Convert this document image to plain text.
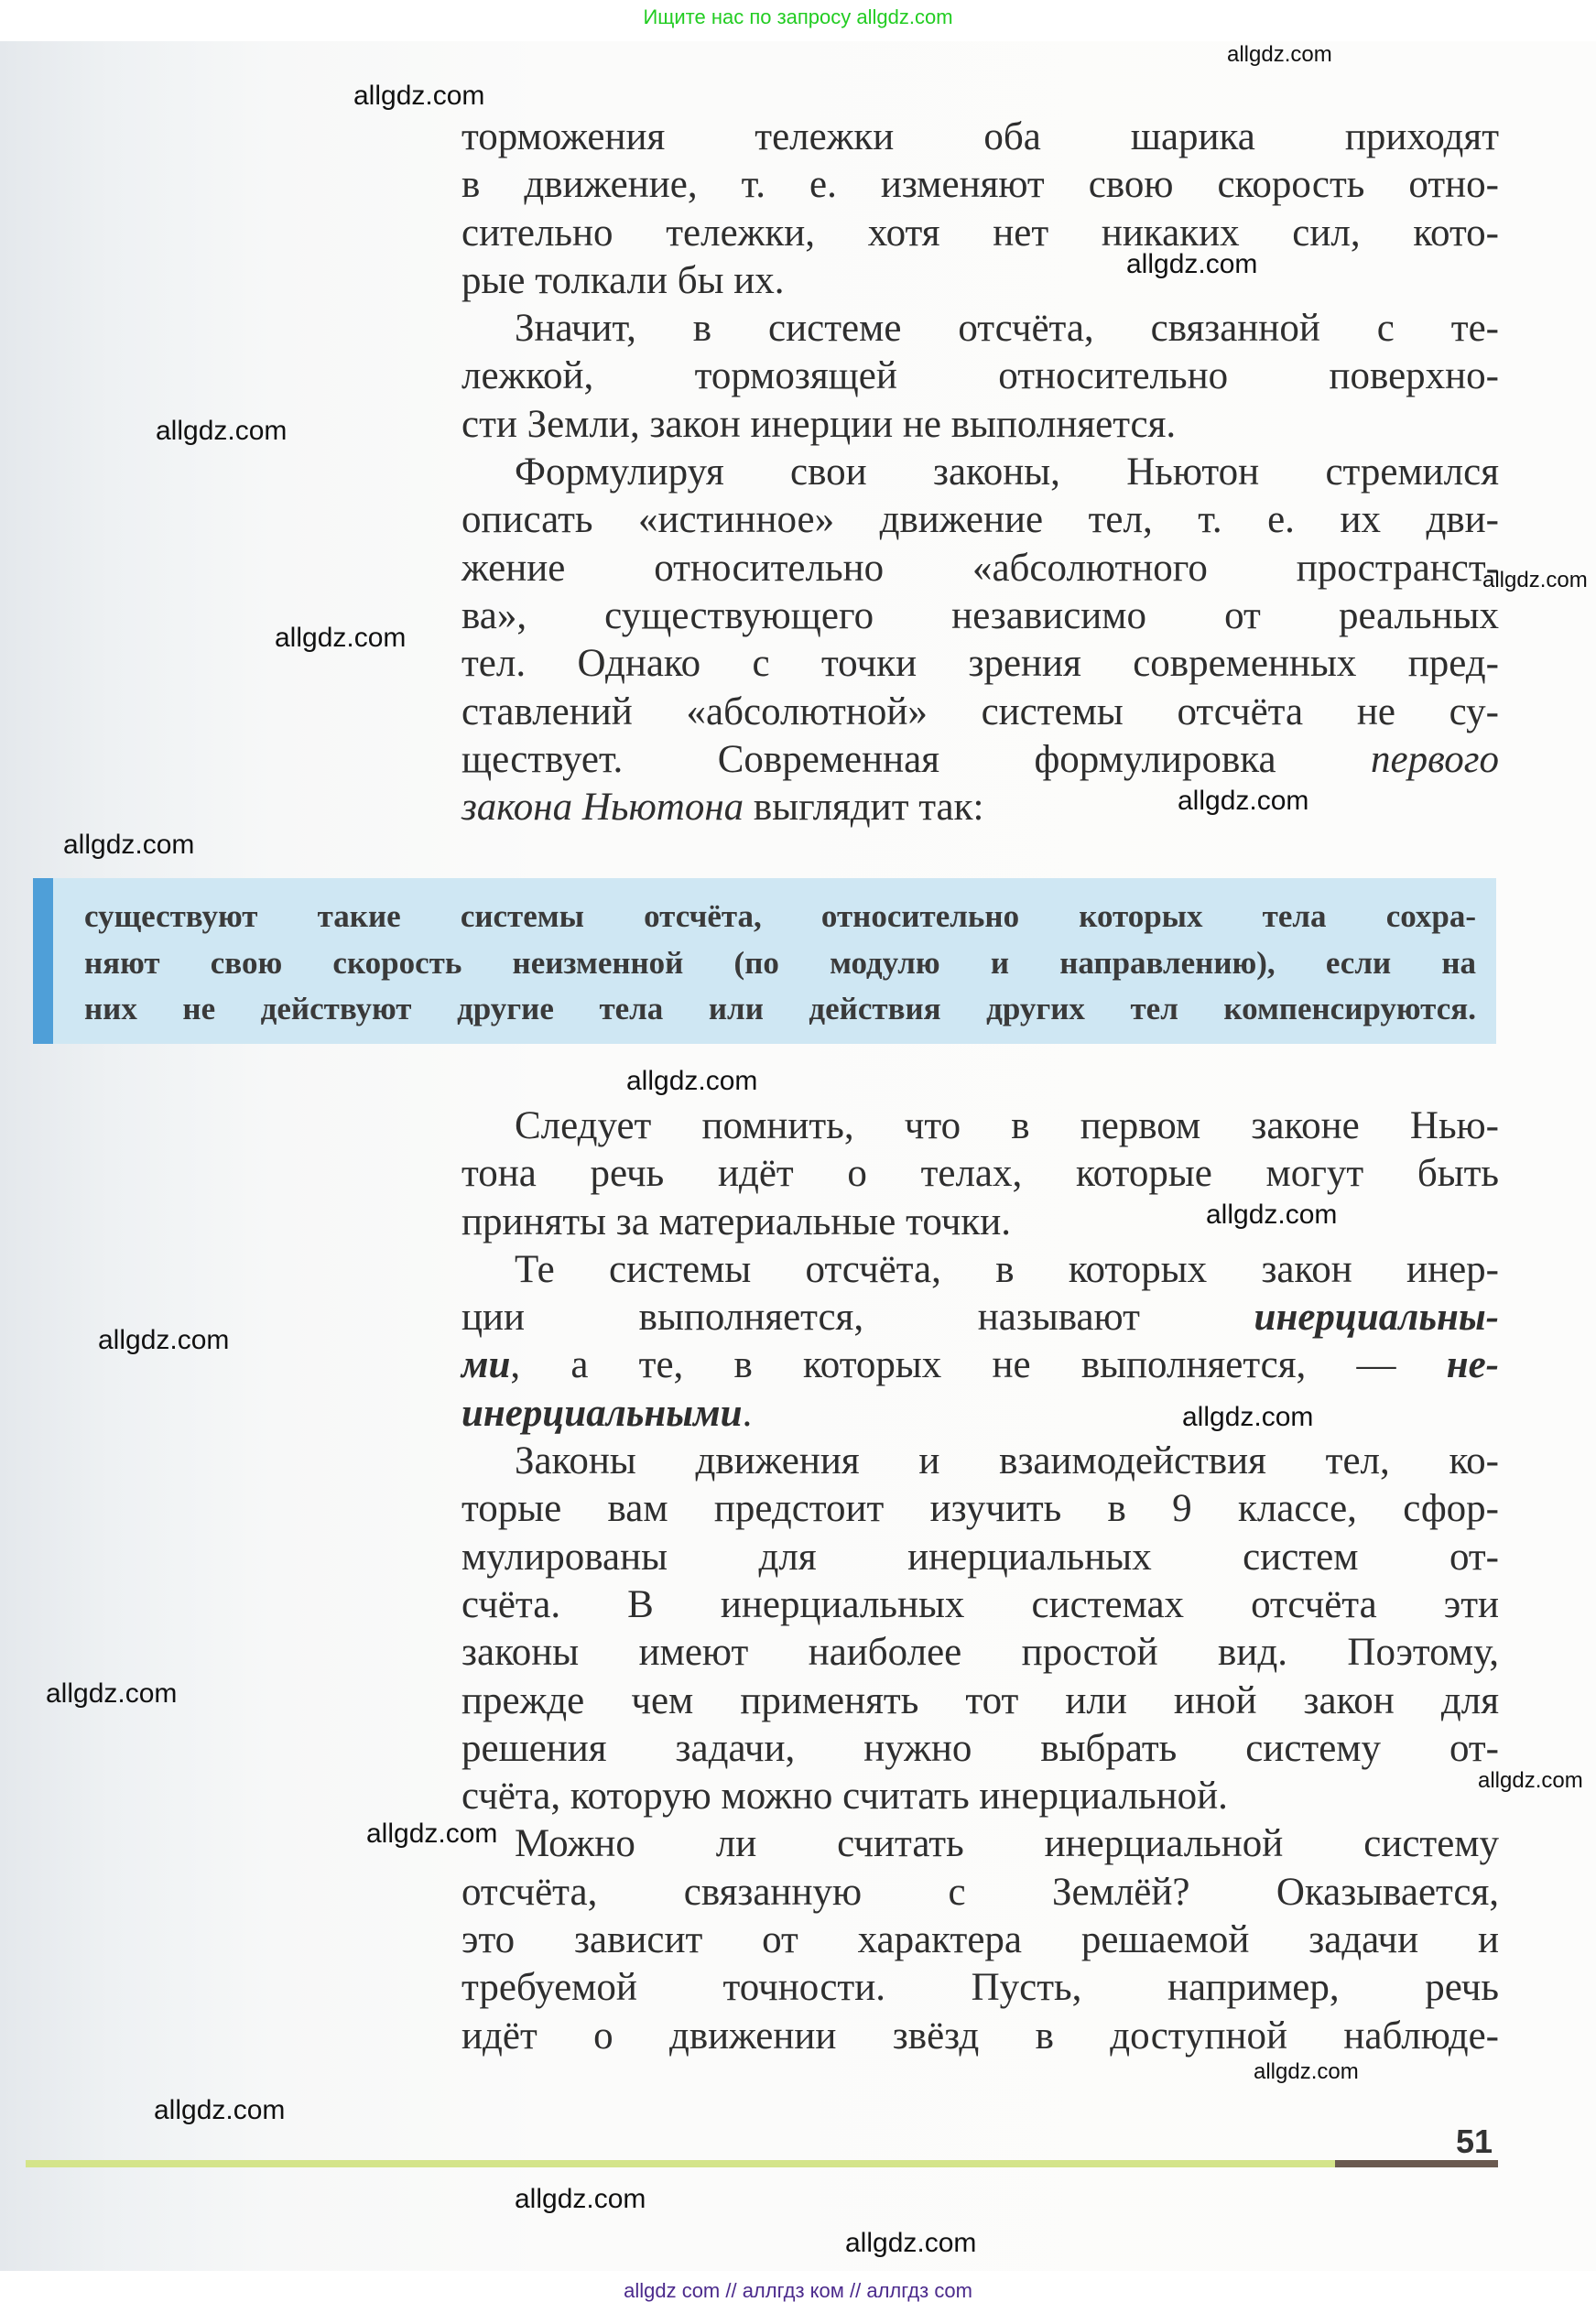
Ищите нас по запросу allgdz.com
торможения тележки оба шарика приходят
в движение, т. е. изменяют свою скорость отно-
сительно тележки, хотя нет никаких сил, кото-
рые толкали бы их.
Значит, в системе отсчёта, связанной с те-
лежкой, тормозящей относительно поверхно-
сти Земли, закон инерции не выполняется.
Формулируя свои законы, Ньютон стремился
описать «истинное» движение тел, т. е. их дви-
жение относительно «абсолютного пространст-
ва», существующего независимо от реальных
тел. Однако с точки зрения современных пред-
ставлений «абсолютной» системы отсчёта не су-
ществует. Современная формулировка первого
закона Ньютона выглядит так:
существуют такие системы отсчёта, относительно которых тела сохра-
няют свою скорость неизменной (по модулю и направлению), если на
них не действуют другие тела или действия других тел компенсируются.
Следует помнить, что в первом законе Нью-
тона речь идёт о телах, которые могут быть
приняты за материальные точки.
Те системы отсчёта, в которых закон инер-
ции выполняется, называют инерциальны-
ми, а те, в которых не выполняется, — не-
инерциальными.
Законы движения и взаимодействия тел, ко-
торые вам предстоит изучить в 9 классе, сфор-
мулированы для инерциальных систем от-
счёта. В инерциальных системах отсчёта эти
законы имеют наиболее простой вид. Поэтому,
прежде чем применять тот или иной закон для
решения задачи, нужно выбрать систему от-
счёта, которую можно считать инерциальной.
Можно ли считать инерциальной систему
отсчёта, связанную с Землёй? Оказывается,
это зависит от характера решаемой задачи и
требуемой точности. Пусть, например, речь
идёт о движении звёзд в доступной наблюде-
51
allgdz.com
allgdz.com
allgdz.com
allgdz.com
allgdz.com
allgdz.com
allgdz.com
allgdz.com
allgdz.com
allgdz.com
allgdz.com
allgdz.com
allgdz.com
allgdz.com
allgdz.com
allgdz.com
allgdz.com
allgdz.com
allgdz.com
allgdz com // аллгдз ком // аллгдз com
